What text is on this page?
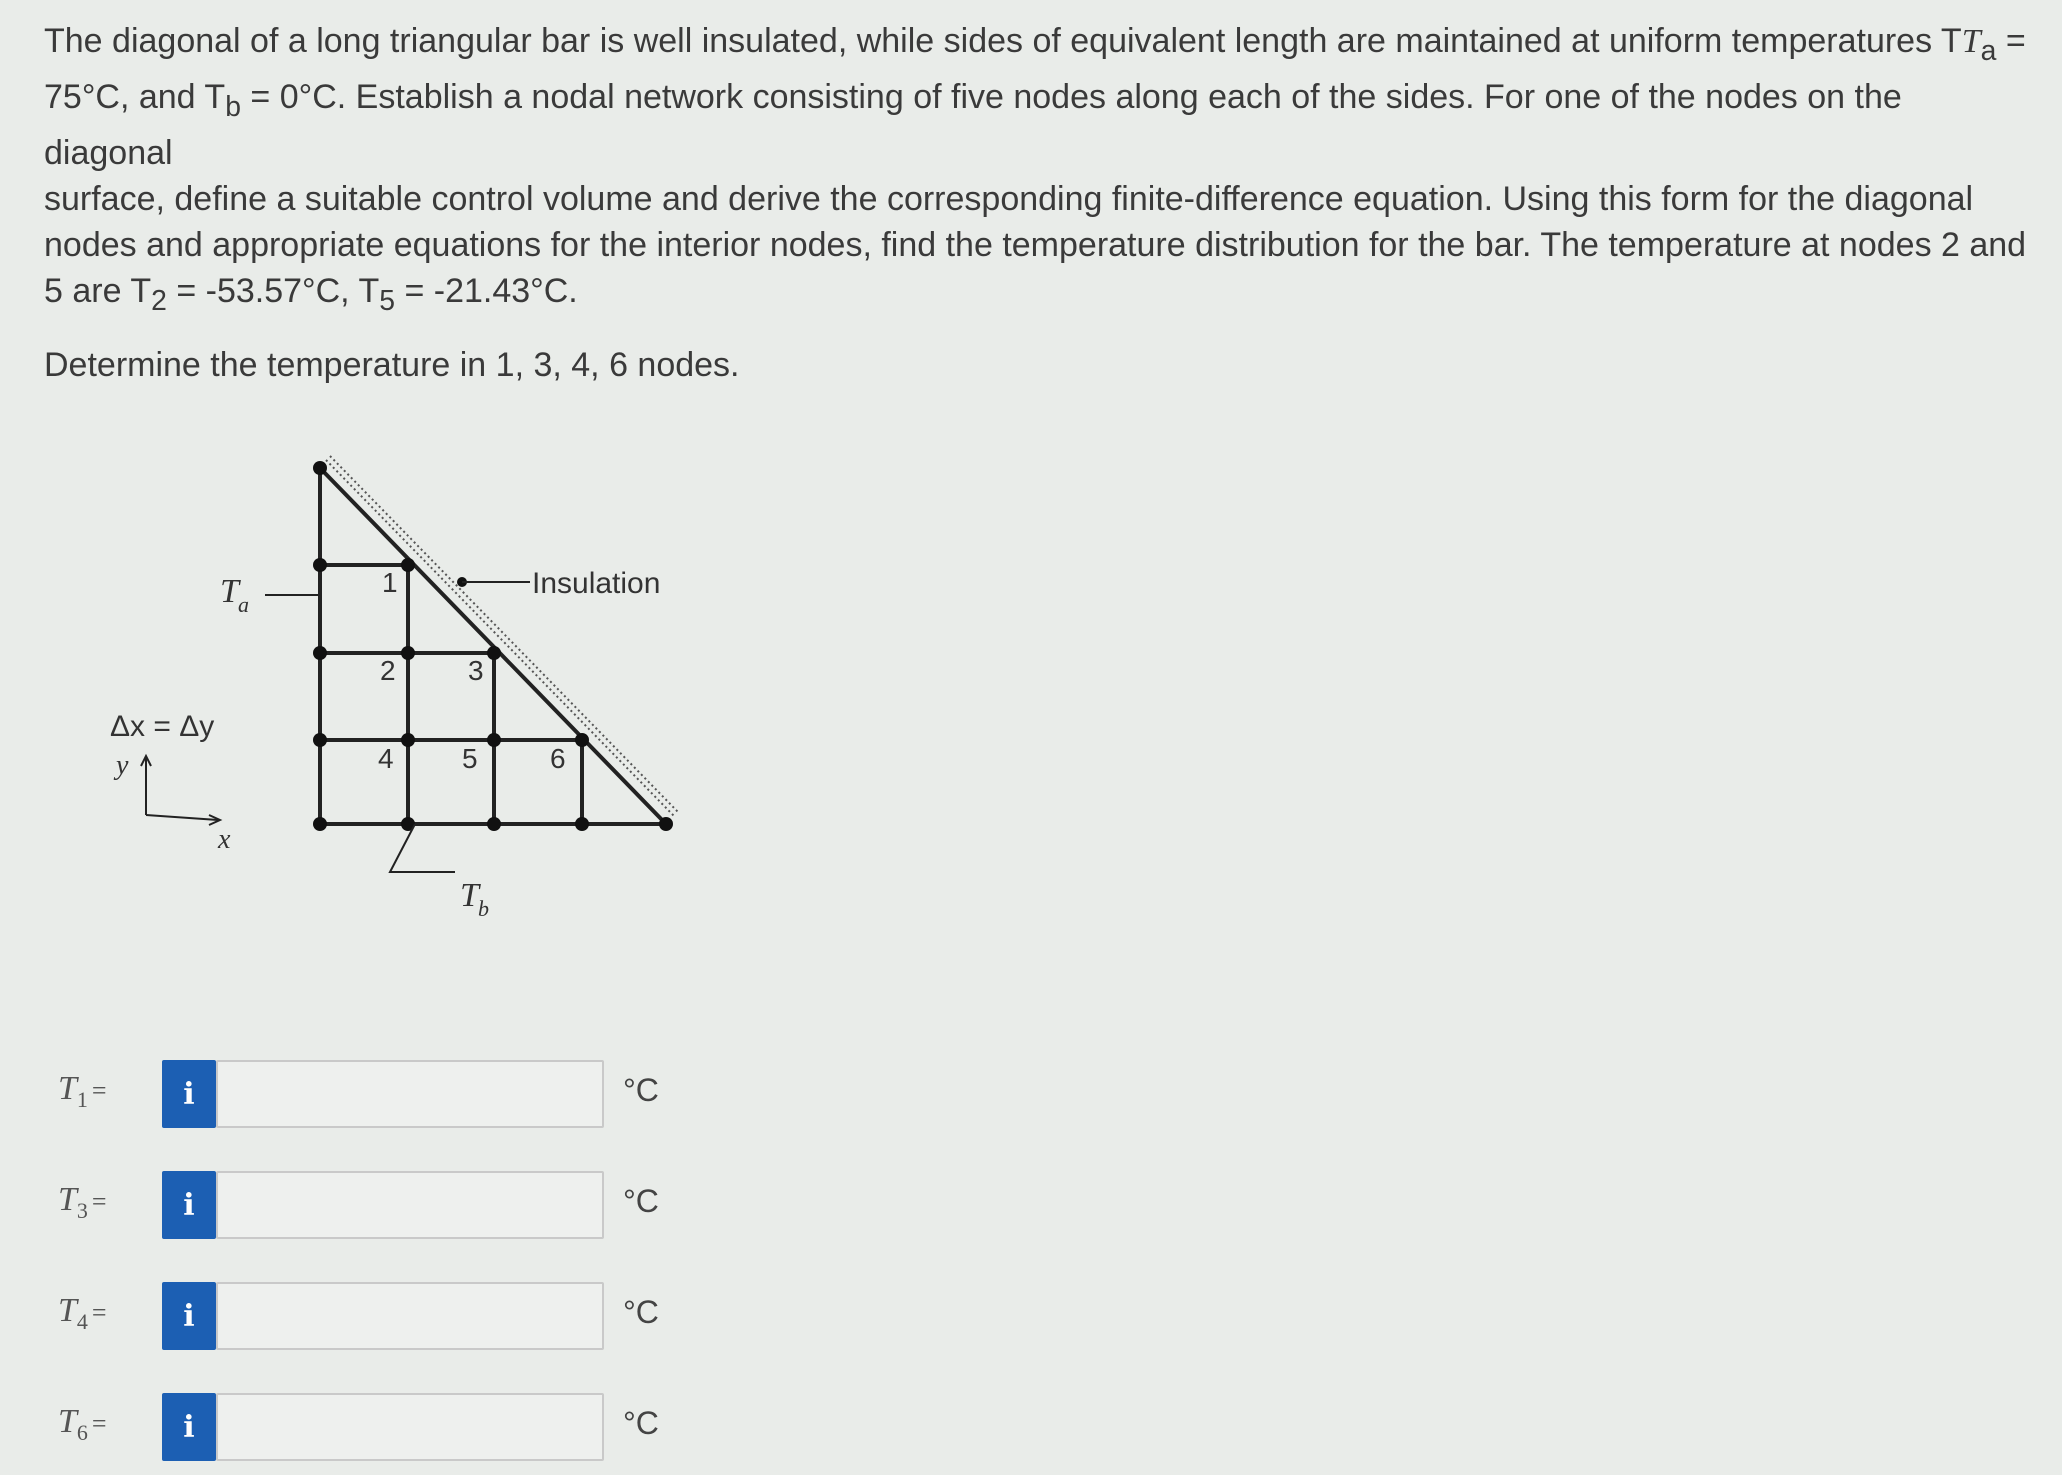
The diagonal of a long triangular bar is well insulated, while sides of equivalent length are maintained at uniform temperatures $TT_a$ =

75°C, and $T_b = 0^\circ C$. Establish a nodal network consisting of five nodes along each of the sides. For one of the nodes on the diagonal

surface, define a suitable control volume and derive the corresponding finite-difference equation. Using this form for the diagonal

nodes and appropriate equations for the interior nodes, find the temperature distribution for the bar. The temperature at nodes 2 and

5 are $T_2 = -53.57^\circ C$, $T_5 = -21.43^\circ C$.

Determine the temperature in 1, 3, 4, 6 nodes.

1
2	3
4 5	6
Insulation
T a
T b
Δx = Δy
y
x
$T_1$ =	i	°C
$T_3$ =	i	°C
$T_4$ =	i	°C
$T_6$ =	i	°C
